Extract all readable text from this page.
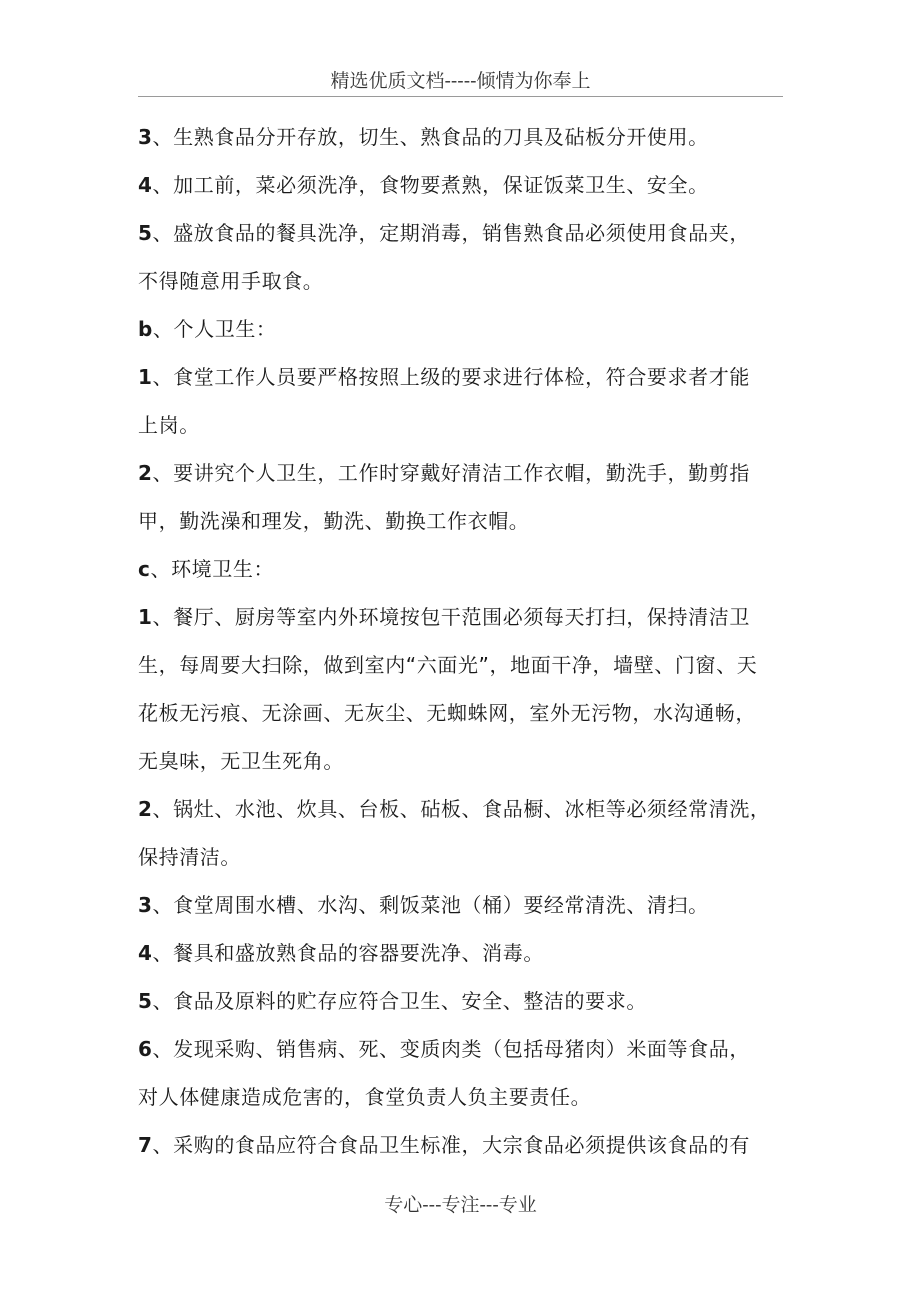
精选优质文档-----倾情为你奉上

3、生熟食品分开存放，切生、熟食品的刀具及砧板分开使用。

4、加工前，菜必须洗净，食物要煮熟，保证饭菜卫生、安全。

5、盛放食品的餐具洗净，定期消毒，销售熟食品必须使用食品夹，
不得随意用手取食。

b、个人卫生：

1、食堂工作人员要严格按照上级的要求进行体检，符合要求者才能
上岗。

2、要讲究个人卫生，工作时穿戴好清洁工作衣帽，勤洗手，勤剪指
甲，勤洗澡和理发，勤洗、勤换工作衣帽。

c、环境卫生：

1、餐厅、厨房等室内外环境按包干范围必须每天打扫，保持清洁卫
生，每周要大扫除，做到室内“六面光”，地面干净，墙壁、门窗、天
花板无污痕、无涂画、无灰尘、无蜘蛛网，室外无污物，水沟通畅，
无臭味，无卫生死角。

2、锅灶、水池、炊具、台板、砧板、食品橱、冰柜等必须经常清洗，
保持清洁。

3、食堂周围水槽、水沟、剩饭菜池（桶）要经常清洗、清扫。

4、餐具和盛放熟食品的容器要洗净、消毒。

5、食品及原料的贮存应符合卫生、安全、整洁的要求。

6、发现采购、销售病、死、变质肉类（包括母猪肉）米面等食品，
对人体健康造成危害的，食堂负责人负主要责任。

7、采购的食品应符合食品卫生标准，大宗食品必须提供该食品的有

专心---专注---专业
